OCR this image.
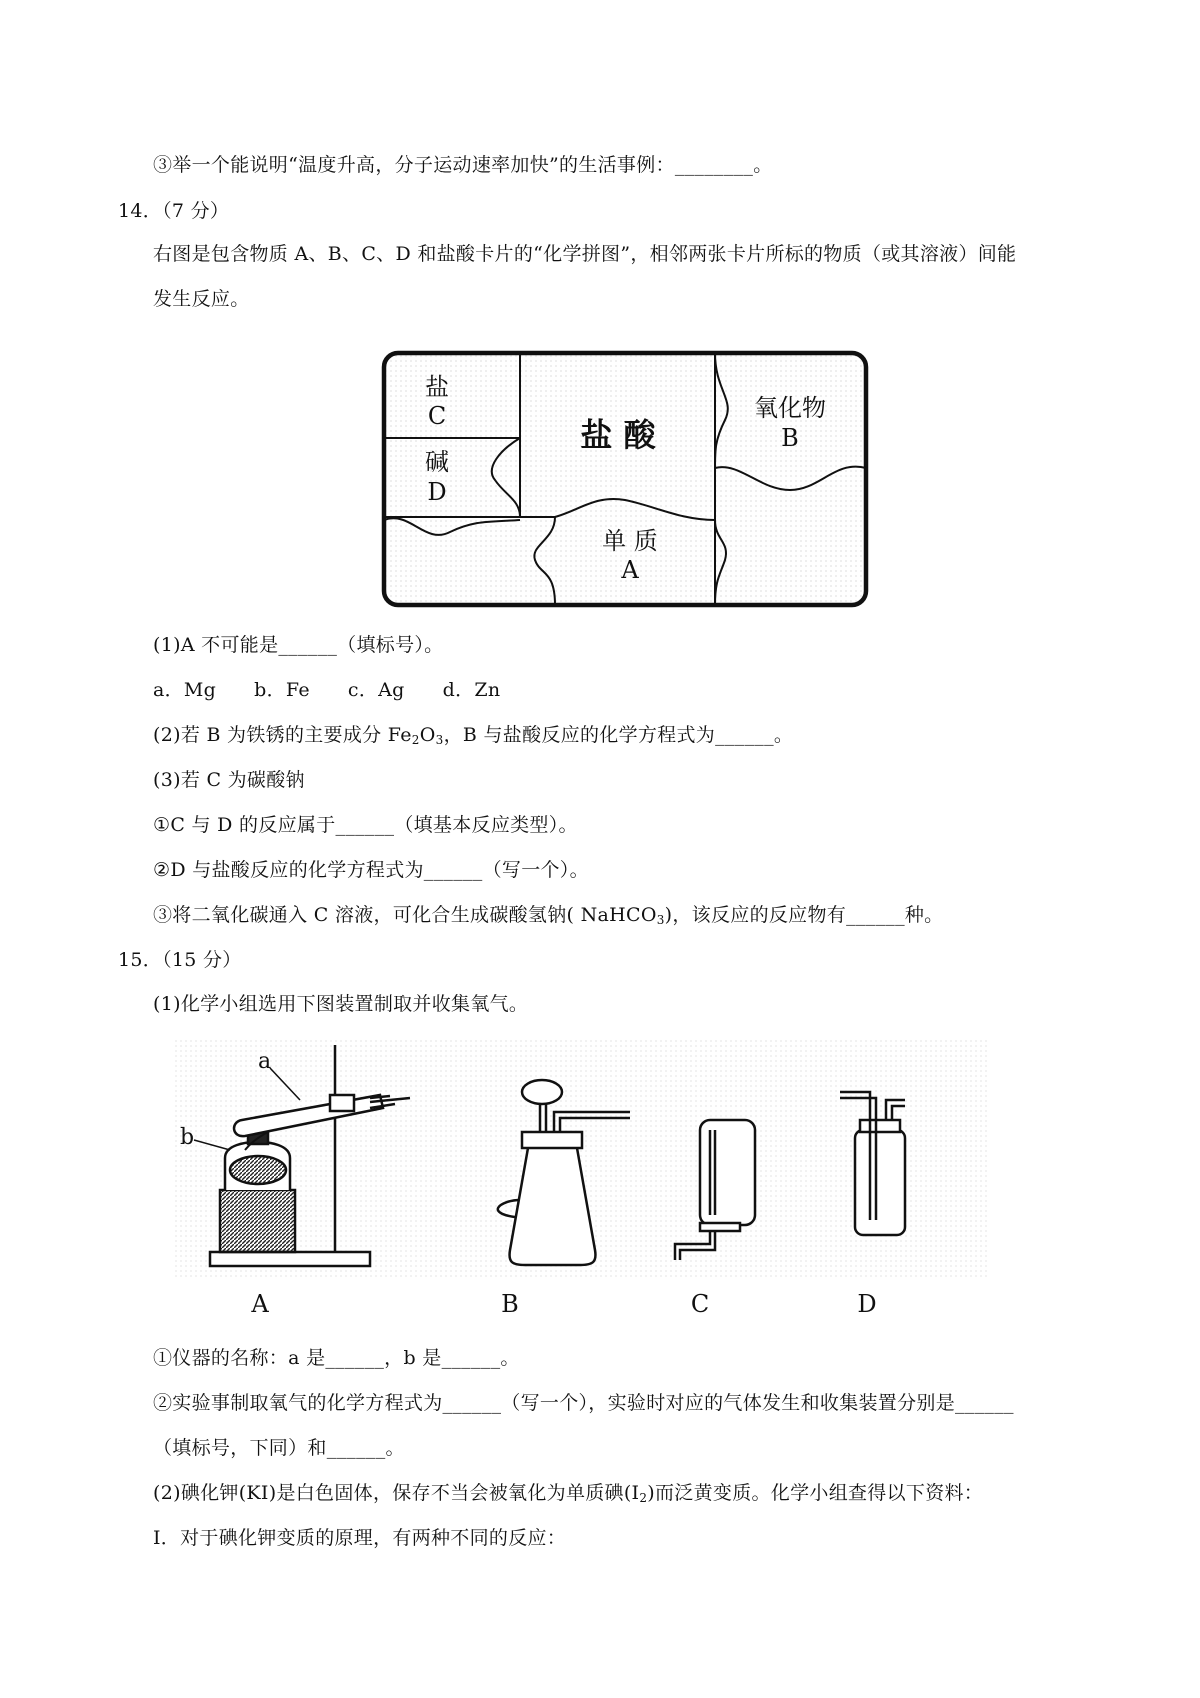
③举一个能说明“温度升高，分子运动速率加快”的生活事例：________。
14．（7 分）
右图是包含物质 A、B、C、D 和盐酸卡片的“化学拼图”，相邻两张卡片所标的物质（或其溶液）间能
发生反应。
盐
C
碱
D
盐 酸
氧化物
B
单 质
A
(1)A 不可能是______（填标号）。
a．Mg b．Fe c．Ag d．Zn
(2)若 B 为铁锈的主要成分 $Fe_2O_3$，B 与盐酸反应的化学方程式为______。
(3)若 C 为碳酸钠
①C 与 D 的反应属于______（填基本反应类型）。
②D 与盐酸反应的化学方程式为______（写一个）。
③将二氧化碳通入 C 溶液，可化合生成碳酸氢钠( NaHCO$_3$)，该反应的反应物有______种。
15．（15 分）
(1)化学小组选用下图装置制取并收集氧气。
a
b
A	B	C	D
①仪器的名称：a 是______，b 是______。
②实验事制取氧气的化学方程式为______（写一个），实验时对应的气体发生和收集装置分别是______
（填标号，下同）和______。
(2)碘化钾(KI)是白色固体，保存不当会被氧化为单质碘$(I_2)$而泛黄变质。化学小组查得以下资料：
I．对于碘化钾变质的原理，有两种不同的反应：
